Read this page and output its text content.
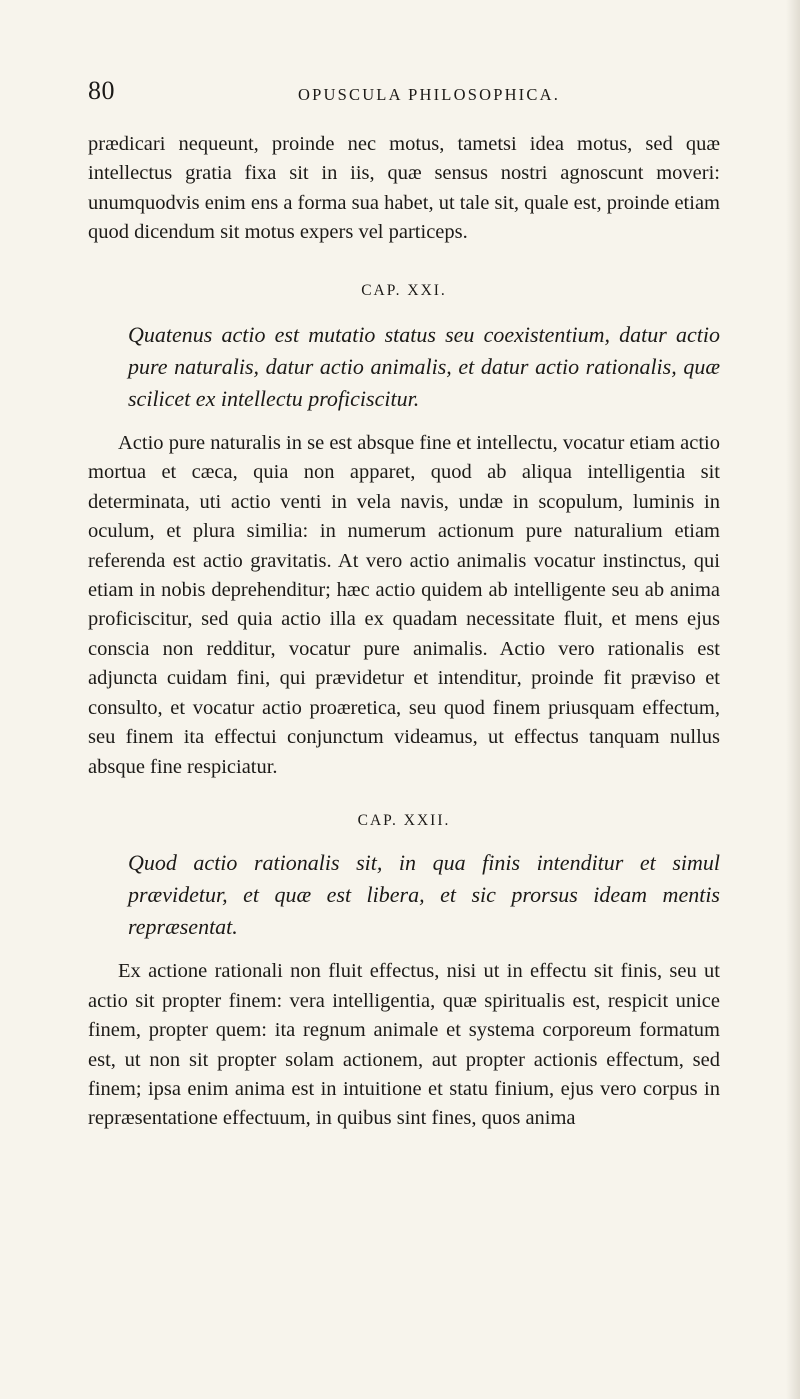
80	OPUSCULA PHILOSOPHICA.

prædicari nequeunt, proinde nec motus, tametsi idea motus, sed quæ intellectus gratia fixa sit in iis, quæ sensus nostri agnoscunt moveri: unumquodvis enim ens a forma sua habet, ut tale sit, quale est, proinde etiam quod dicendum sit motus expers vel particeps.

CAP. XXI.

Quatenus actio est mutatio status seu coexistentium, datur actio pure naturalis, datur actio animalis, et datur actio rationalis, quæ scilicet ex intellectu proficiscitur.

Actio pure naturalis in se est absque fine et intellectu, vocatur etiam actio mortua et cæca, quia non apparet, quod ab aliqua intelligentia sit determinata, uti actio venti in vela navis, undæ in scopulum, luminis in oculum, et plura similia: in numerum actionum pure naturalium etiam referenda est actio gravitatis. At vero actio animalis vocatur instinctus, qui etiam in nobis deprehenditur; hæc actio quidem ab intelligente seu ab anima proficiscitur, sed quia actio illa ex quadam necessitate fluit, et mens ejus conscia non redditur, vocatur pure animalis. Actio vero rationalis est adjuncta cuidam fini, qui prævidetur et intenditur, proinde fit præviso et consulto, et vocatur actio proæretica, seu quod finem priusquam effectum, seu finem ita effectui conjunctum videamus, ut effectus tanquam nullus absque fine respiciatur.

CAP. XXII.

Quod actio rationalis sit, in qua finis intenditur et simul prævidetur, et quæ est libera, et sic prorsus ideam mentis repræsentat.

Ex actione rationali non fluit effectus, nisi ut in effectu sit finis, seu ut actio sit propter finem: vera intelligentia, quæ spiritualis est, respicit unice finem, propter quem: ita regnum animale et systema corporeum formatum est, ut non sit propter solam actionem, aut propter actionis effectum, sed finem; ipsa enim anima est in intuitione et statu finium, ejus vero corpus in repræsentatione effectuum, in quibus sint fines, quos anima
